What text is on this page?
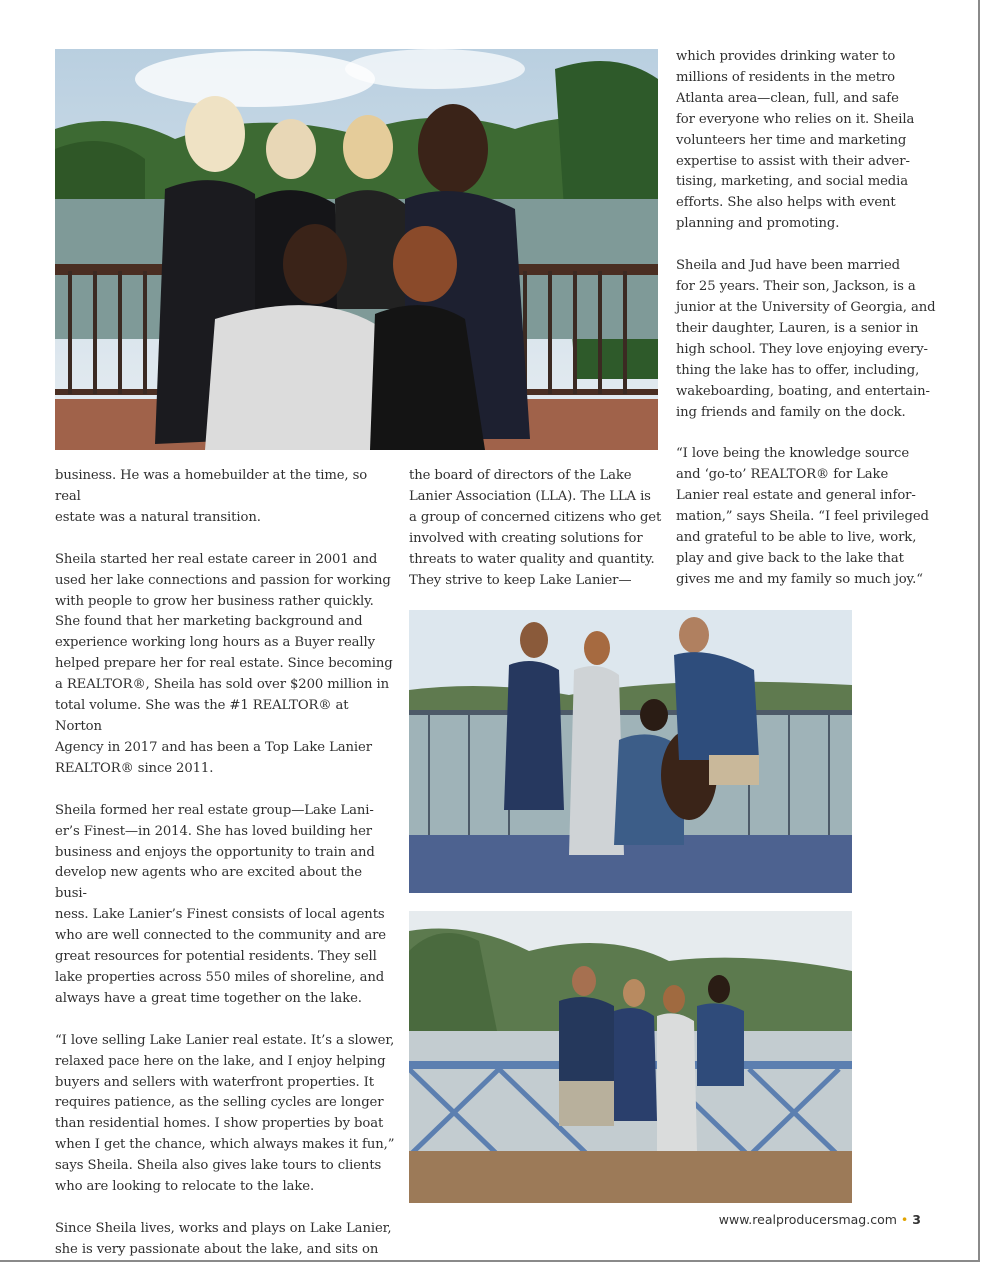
which provides drinking water to
millions of residents in the metro
Atlanta area—clean, full, and safe
for everyone who relies on it. Sheila
volunteers her time and marketing
expertise to assist with their adver-
tising, marketing, and social media
efforts. She also helps with event
planning and promoting.

Sheila and Jud have been married
for 25 years. Their son, Jackson, is a
junior at the University of Georgia, and
their daughter, Lauren, is a senior in
high school. They love enjoying every-
thing the lake has to offer, including,
wakeboarding, boating, and entertain-
ing friends and family on the dock.

“I love being the knowledge source
and ‘go-to’ REALTOR® for Lake
Lanier real estate and general infor-
mation,” says Sheila. “I feel privileged
and grateful to be able to live, work,
play and give back to the lake that
gives me and my family so much joy.“

business. He was a homebuilder at the time, so real
estate was a natural transition.

Sheila started her real estate career in 2001 and
used her lake connections and passion for working
with people to grow her business rather quickly.
She found that her marketing background and
experience working long hours as a Buyer really
helped prepare her for real estate. Since becoming
a REALTOR®, Sheila has sold over $200 million in
total volume. She was the #1 REALTOR® at Norton
Agency in 2017 and has been a Top Lake Lanier
REALTOR® since 2011.

Sheila formed her real estate group—Lake Lani-
er’s Finest—in 2014. She has loved building her
business and enjoys the opportunity to train and
develop new agents who are excited about the busi-
ness. Lake Lanier’s Finest consists of local agents
who are well connected to the community and are
great resources for potential residents. They sell
lake properties across 550 miles of shoreline, and
always have a great time together on the lake.

“I love selling Lake Lanier real estate. It’s a slower,
relaxed pace here on the lake, and I enjoy helping
buyers and sellers with waterfront properties. It
requires patience, as the selling cycles are longer
than residential homes. I show properties by boat
when I get the chance, which always makes it fun,”
says Sheila. Sheila also gives lake tours to clients
who are looking to relocate to the lake.

Since Sheila lives, works and plays on Lake Lanier,
she is very passionate about the lake, and sits on

the board of directors of the Lake
Lanier Association (LLA). The LLA is
a group of concerned citizens who get
involved with creating solutions for
threats to water quality and quantity.
They strive to keep Lake Lanier—

www.realproducersmag.com • 3
